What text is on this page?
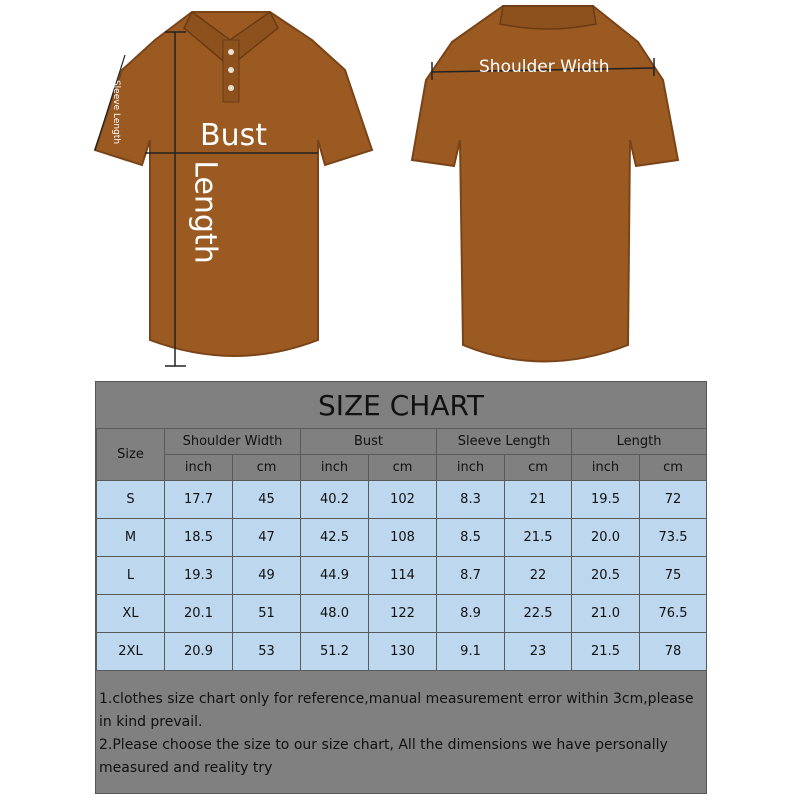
Bust
Length
Sleeve Length
Shoulder Width
SIZE CHART
Size	Shoulder Width		Bust		Sleeve Length		Length	
	inch	cm	inch	cm	inch	cm	inch	cm
S	17.7	45	40.2	102	8.3	21	19.5	72
M	18.5	47	42.5	108	8.5	21.5	20.0	73.5
L	19.3	49	44.9	114	8.7	22	20.5	75
XL	20.1	51	48.0	122	8.9	22.5	21.0	76.5
2XL	20.9	53	51.2	130	9.1	23	21.5	78

1.clothes size chart only for reference,manual measurement error within 3cm,please in kind prevail.

2.Please choose the size to our size chart, All the dimensions we have personally measured and reality try
